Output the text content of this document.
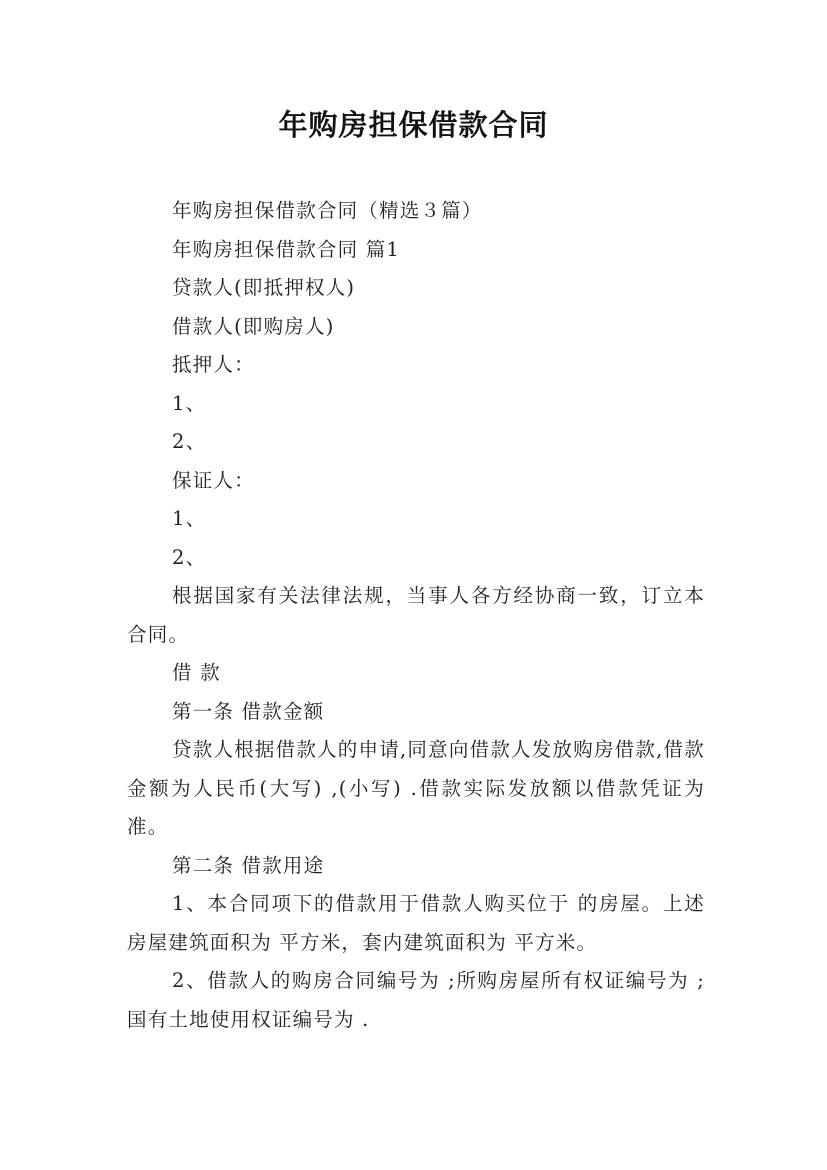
年购房担保借款合同

年购房担保借款合同（精选３篇）

年购房担保借款合同 篇1

贷款人(即抵押权人)

借款人(即购房人)

抵押人：

1、

2、

保证人：

1、

2、

根据国家有关法律法规，当事人各方经协商一致，订立本合同。

借 款

第一条 借款金额

贷款人根据借款人的申请,同意向借款人发放购房借款,借款金额为人民币(大写) ,(小写) .借款实际发放额以借款凭证为准。

第二条 借款用途

1、本合同项下的借款用于借款人购买位于 的房屋。上述房屋建筑面积为 平方米，套内建筑面积为 平方米。

2、借款人的购房合同编号为 ;所购房屋所有权证编号为 ;国有土地使用权证编号为 .
